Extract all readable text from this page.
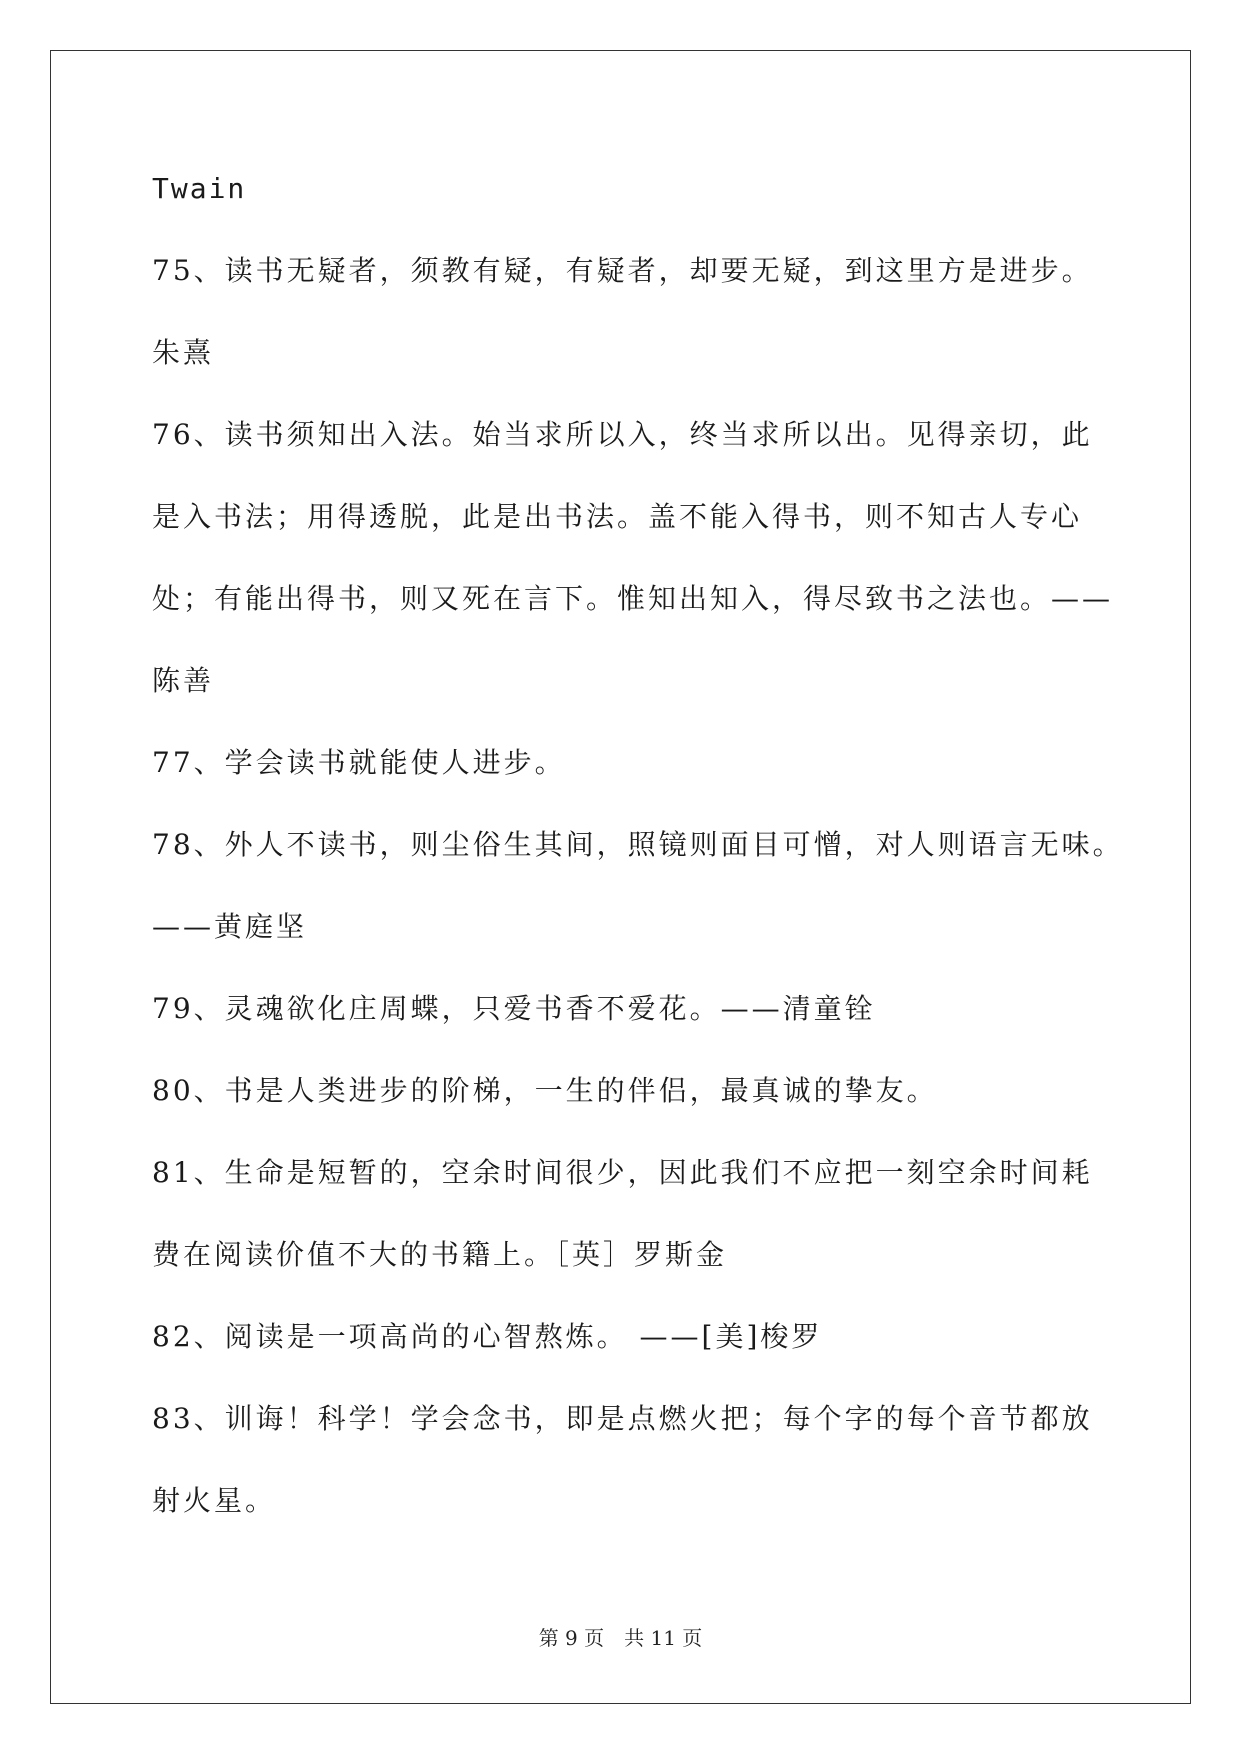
Twain
75、读书无疑者，须教有疑，有疑者，却要无疑，到这里方是进步。
朱熹
76、读书须知出入法。始当求所以入，终当求所以出。见得亲切，此
是入书法；用得透脱，此是出书法。盖不能入得书，则不知古人专心
处；有能出得书，则又死在言下。惟知出知入，得尽致书之法也。——
陈善
77、学会读书就能使人进步。
78、外人不读书，则尘俗生其间，照镜则面目可憎，对人则语言无味。
——黄庭坚
79、灵魂欲化庄周蝶，只爱书香不爱花。——清童铨
80、书是人类进步的阶梯，一生的伴侣，最真诚的挚友。
81、生命是短暂的，空余时间很少，因此我们不应把一刻空余时间耗
费在阅读价值不大的书籍上。［英］罗斯金
82、阅读是一项高尚的心智熬炼。 ——[美]梭罗
83、训诲！科学！学会念书，即是点燃火把；每个字的每个音节都放
射火星。
第 9 页　共 11 页
